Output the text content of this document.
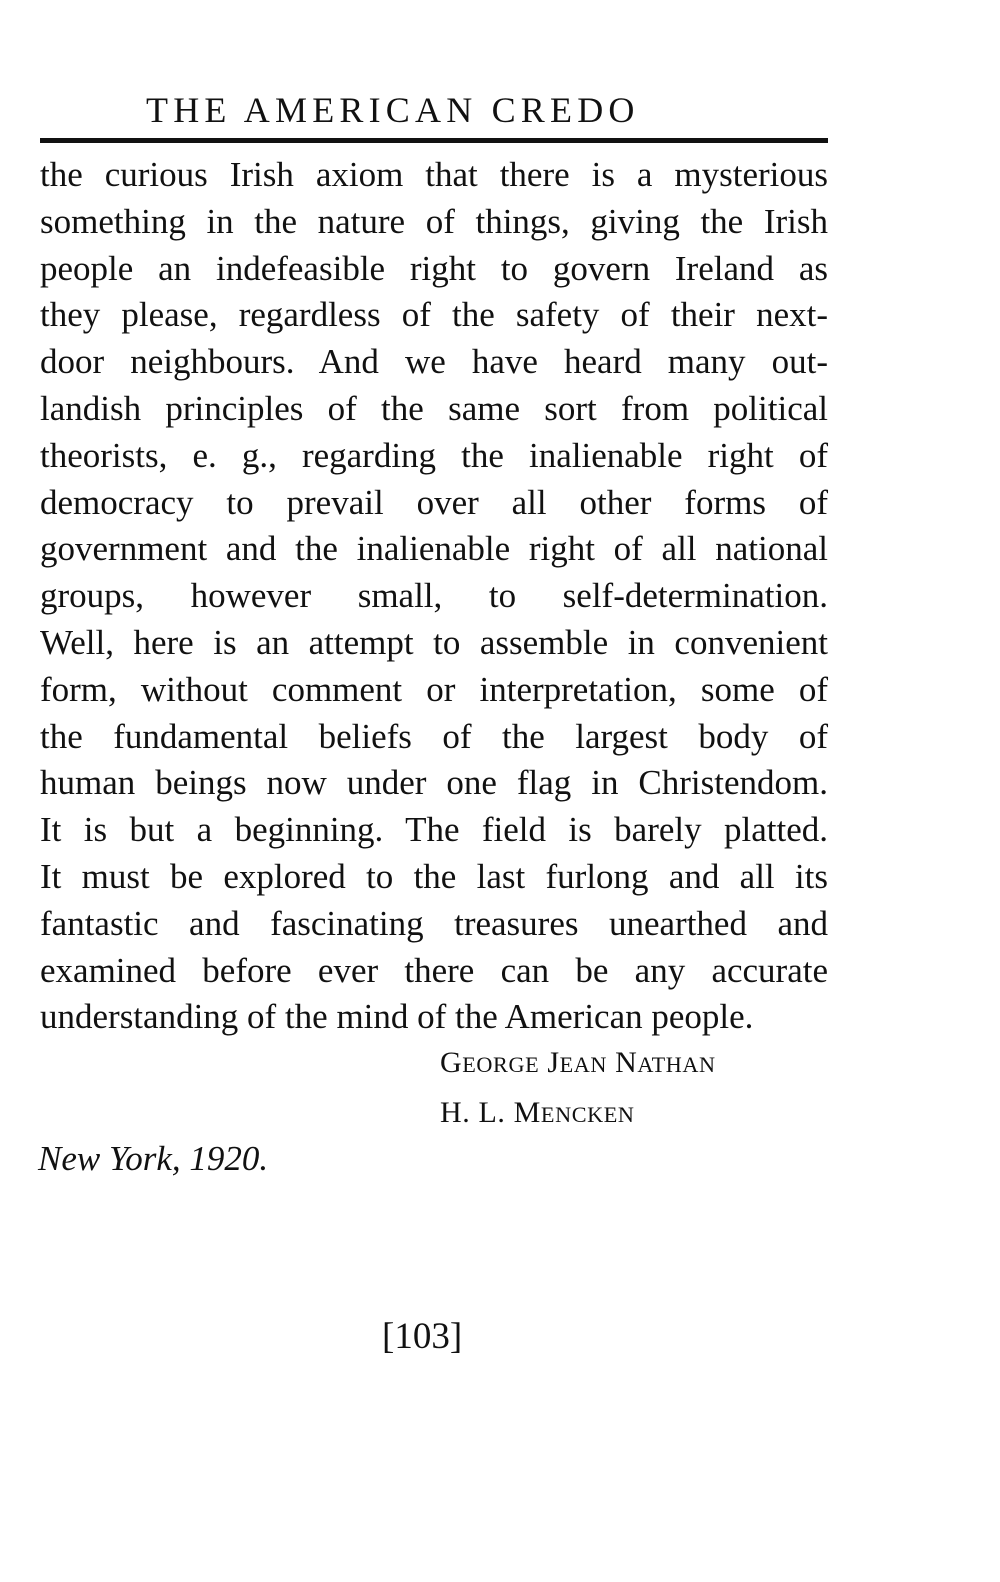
THE AMERICAN CREDO
the curious Irish axiom that there is a mysterious
something in the nature of things, giving the Irish
people an indefeasible right to govern Ireland as
they please, regardless of the safety of their next-
door neighbours. And we have heard many out-
landish principles of the same sort from political
theorists, e. g., regarding the inalienable right of
democracy to prevail over all other forms of
government and the inalienable right of all national
groups, however small, to self-determination.
Well, here is an attempt to assemble in convenient
form, without comment or interpretation, some of
the fundamental beliefs of the largest body of
human beings now under one flag in Christendom.
It is but a beginning. The field is barely platted.
It must be explored to the last furlong and all its
fantastic and fascinating treasures unearthed and
examined before ever there can be any accurate
understanding of the mind of the American people.
GEORGE JEAN NATHAN
H. L. MENCKEN
New York, 1920.
[103]
